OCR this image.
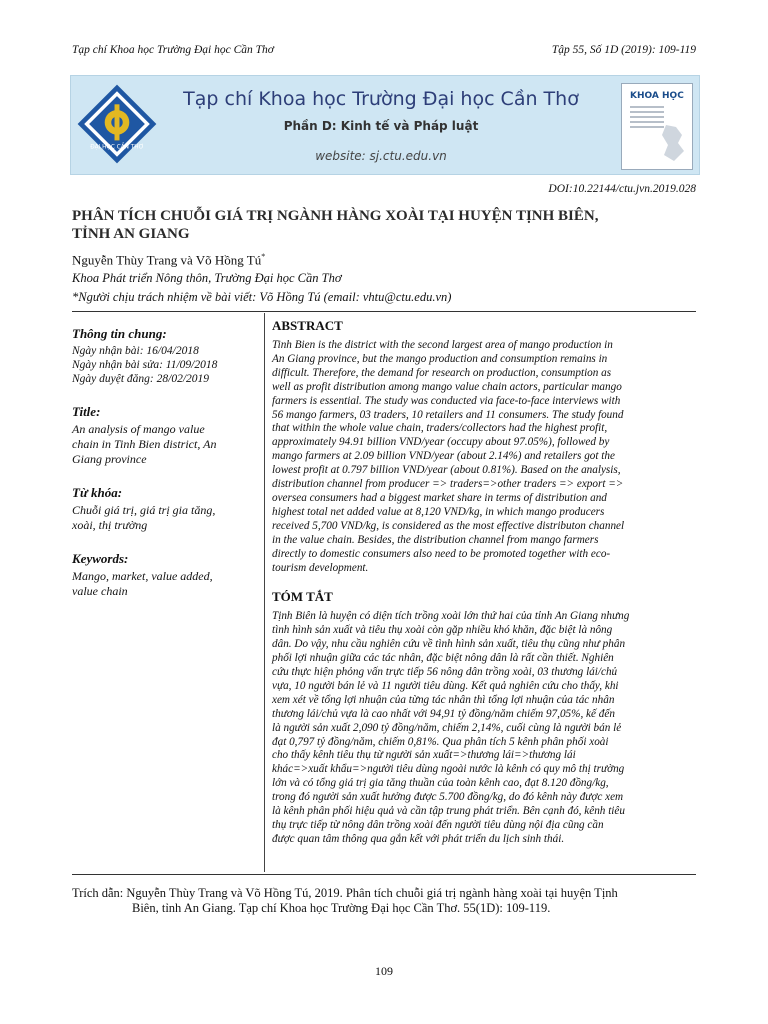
Tạp chí Khoa học Trường Đại học Cần Thơ	Tập 55, Số 1D (2019): 109-119
ĐẠI HỌC CẦN THƠ
Tạp chí Khoa học Trường Đại học Cần Thơ
Phần D: Kinh tế và Pháp luật
website: sj.ctu.edu.vn
KHOA HỌC
DOI:10.22144/ctu.jvn.2019.028
PHÂN TÍCH CHUỖI GIÁ TRỊ NGÀNH HÀNG XOÀI TẠI HUYỆN TỊNH BIÊN,
TỈNH AN GIANG
Nguyễn Thùy Trang và Võ Hồng Tú*
Khoa Phát triển Nông thôn, Trường Đại học Cần Thơ
*Người chịu trách nhiệm về bài viết: Võ Hồng Tú (email: vhtu@ctu.edu.vn)
Thông tin chung:
Ngày nhận bài: 16/04/2018
Ngày nhận bài sửa: 11/09/2018
Ngày duyệt đăng: 28/02/2019
Title:
An analysis of mango value
chain in Tinh Bien district, An
Giang province
Từ khóa:
Chuỗi giá trị, giá trị gia tăng,
xoài, thị trường
Keywords:
Mango, market, value added,
value chain
ABSTRACT

Tinh Bien is the district with the second largest area of mango production in
An Giang province, but the mango production and consumption remains in
difficult. Therefore, the demand for research on production, consumption as
well as profit distribution among mango value chain actors, particular mango
farmers is essential. The study was conducted via face-to-face interviews with
56 mango farmers, 03 traders, 10 retailers and 11 consumers. The study found
that within the whole value chain, traders/collectors had the highest profit,
approximately 94.91 billion VND/year (occupy about 97.05%), followed by
mango farmers at 2.09 billion VND/year (about 2.14%) and retailers got the
lowest profit at 0.797 billion VND/year (about 0.81%). Based on the analysis,
distribution channel from producer => traders=>other traders => export =>
oversea consumers had a biggest market share in terms of distribution and
highest total net added value at 8,120 VND/kg, in which mango producers
received 5,700 VND/kg, is considered as the most effective distributon channel
in the value chain. Besides, the distribution channel from mango farmers
directly to domestic consumers also need to be promoted together with eco-
tourism development.

TÓM TẮT

Tịnh Biên là huyện có diện tích trồng xoài lớn thứ hai của tỉnh An Giang nhưng
tình hình sản xuất và tiêu thụ xoài còn gặp nhiều khó khăn, đặc biệt là nông
dân. Do vậy, nhu cầu nghiên cứu về tình hình sản xuất, tiêu thụ cũng như phân
phối lợi nhuận giữa các tác nhân, đặc biệt nông dân là rất cần thiết. Nghiên
cứu thực hiện phỏng vấn trực tiếp 56 nông dân trồng xoài, 03 thương lái/chủ
vựa, 10 người bán lẻ và 11 người tiêu dùng. Kết quả nghiên cứu cho thấy, khi
xem xét về tổng lợi nhuận của từng tác nhân thì tổng lợi nhuận của tác nhân
thương lái/chủ vựa là cao nhất với 94,91 tỷ đồng/năm chiếm 97,05%, kế đến
là người sản xuất 2,090 tỷ đồng/năm, chiếm 2,14%, cuối cùng là người bán lẻ
đạt 0,797 tỷ đồng/năm, chiếm 0,81%. Qua phân tích 5 kênh phân phối xoài
cho thấy kênh tiêu thụ từ người sản xuất=>thương lái=>thương lái
khác=>xuất khẩu=>người tiêu dùng ngoài nước là kênh có quy mô thị trường
lớn và có tổng giá trị gia tăng thuần của toàn kênh cao, đạt 8.120 đồng/kg,
trong đó người sản xuất hưởng được 5.700 đồng/kg, do đó kênh này được xem
là kênh phân phối hiệu quả và cần tập trung phát triển. Bên cạnh đó, kênh tiêu
thụ trực tiếp từ nông dân trồng xoài đến người tiêu dùng nội địa cũng cần
được quan tâm thông qua gắn kết với phát triển du lịch sinh thái.

Trích dẫn: Nguyễn Thùy Trang và Võ Hồng Tú, 2019. Phân tích chuỗi giá trị ngành hàng xoài tại huyện Tịnh
Biên, tỉnh An Giang. Tạp chí Khoa học Trường Đại học Cần Thơ. 55(1D): 109-119.
109
